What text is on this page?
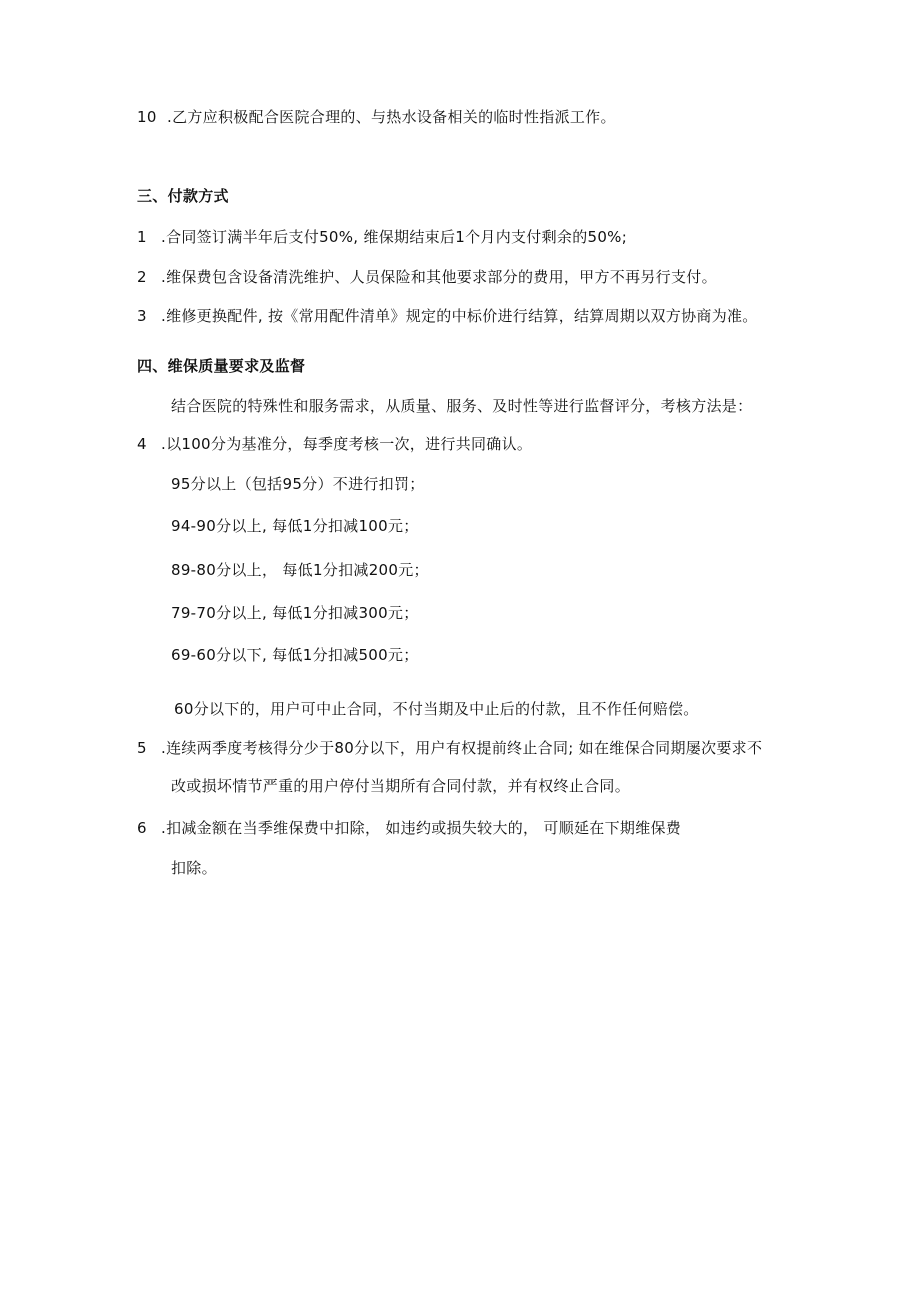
10 .乙方应积极配合医院合理的、与热水设备相关的临时性指派工作。
三、付款方式
1 .合同签订满半年后支付50%, 维保期结束后1个月内支付剩余的50%;
2 .维保费包含设备清洗维护、人员保险和其他要求部分的费用，甲方不再另行支付。
3 .维修更换配件, 按《常用配件清单》规定的中标价进行结算，结算周期以双方协商为准。
四、维保质量要求及监督
结合医院的特殊性和服务需求，从质量、服务、及时性等进行监督评分，考核方法是：
4 .以100分为基准分，每季度考核一次，进行共同确认。
95分以上（包括95分）不进行扣罚；
94-90分以上, 每低1分扣减100元；
89-80分以上， 每低1分扣减200元；
79-70分以上, 每低1分扣减300元；
69-60分以下, 每低1分扣减500元；
60分以下的，用户可中止合同，不付当期及中止后的付款，且不作任何赔偿。
5 .连续两季度考核得分少于80分以下，用户有权提前终止合同; 如在维保合同期屡次要求不
改或损坏情节严重的用户停付当期所有合同付款，并有权终止合同。
6 .扣减金额在当季维保费中扣除， 如违约或损失较大的， 可顺延在下期维保费
扣除。
